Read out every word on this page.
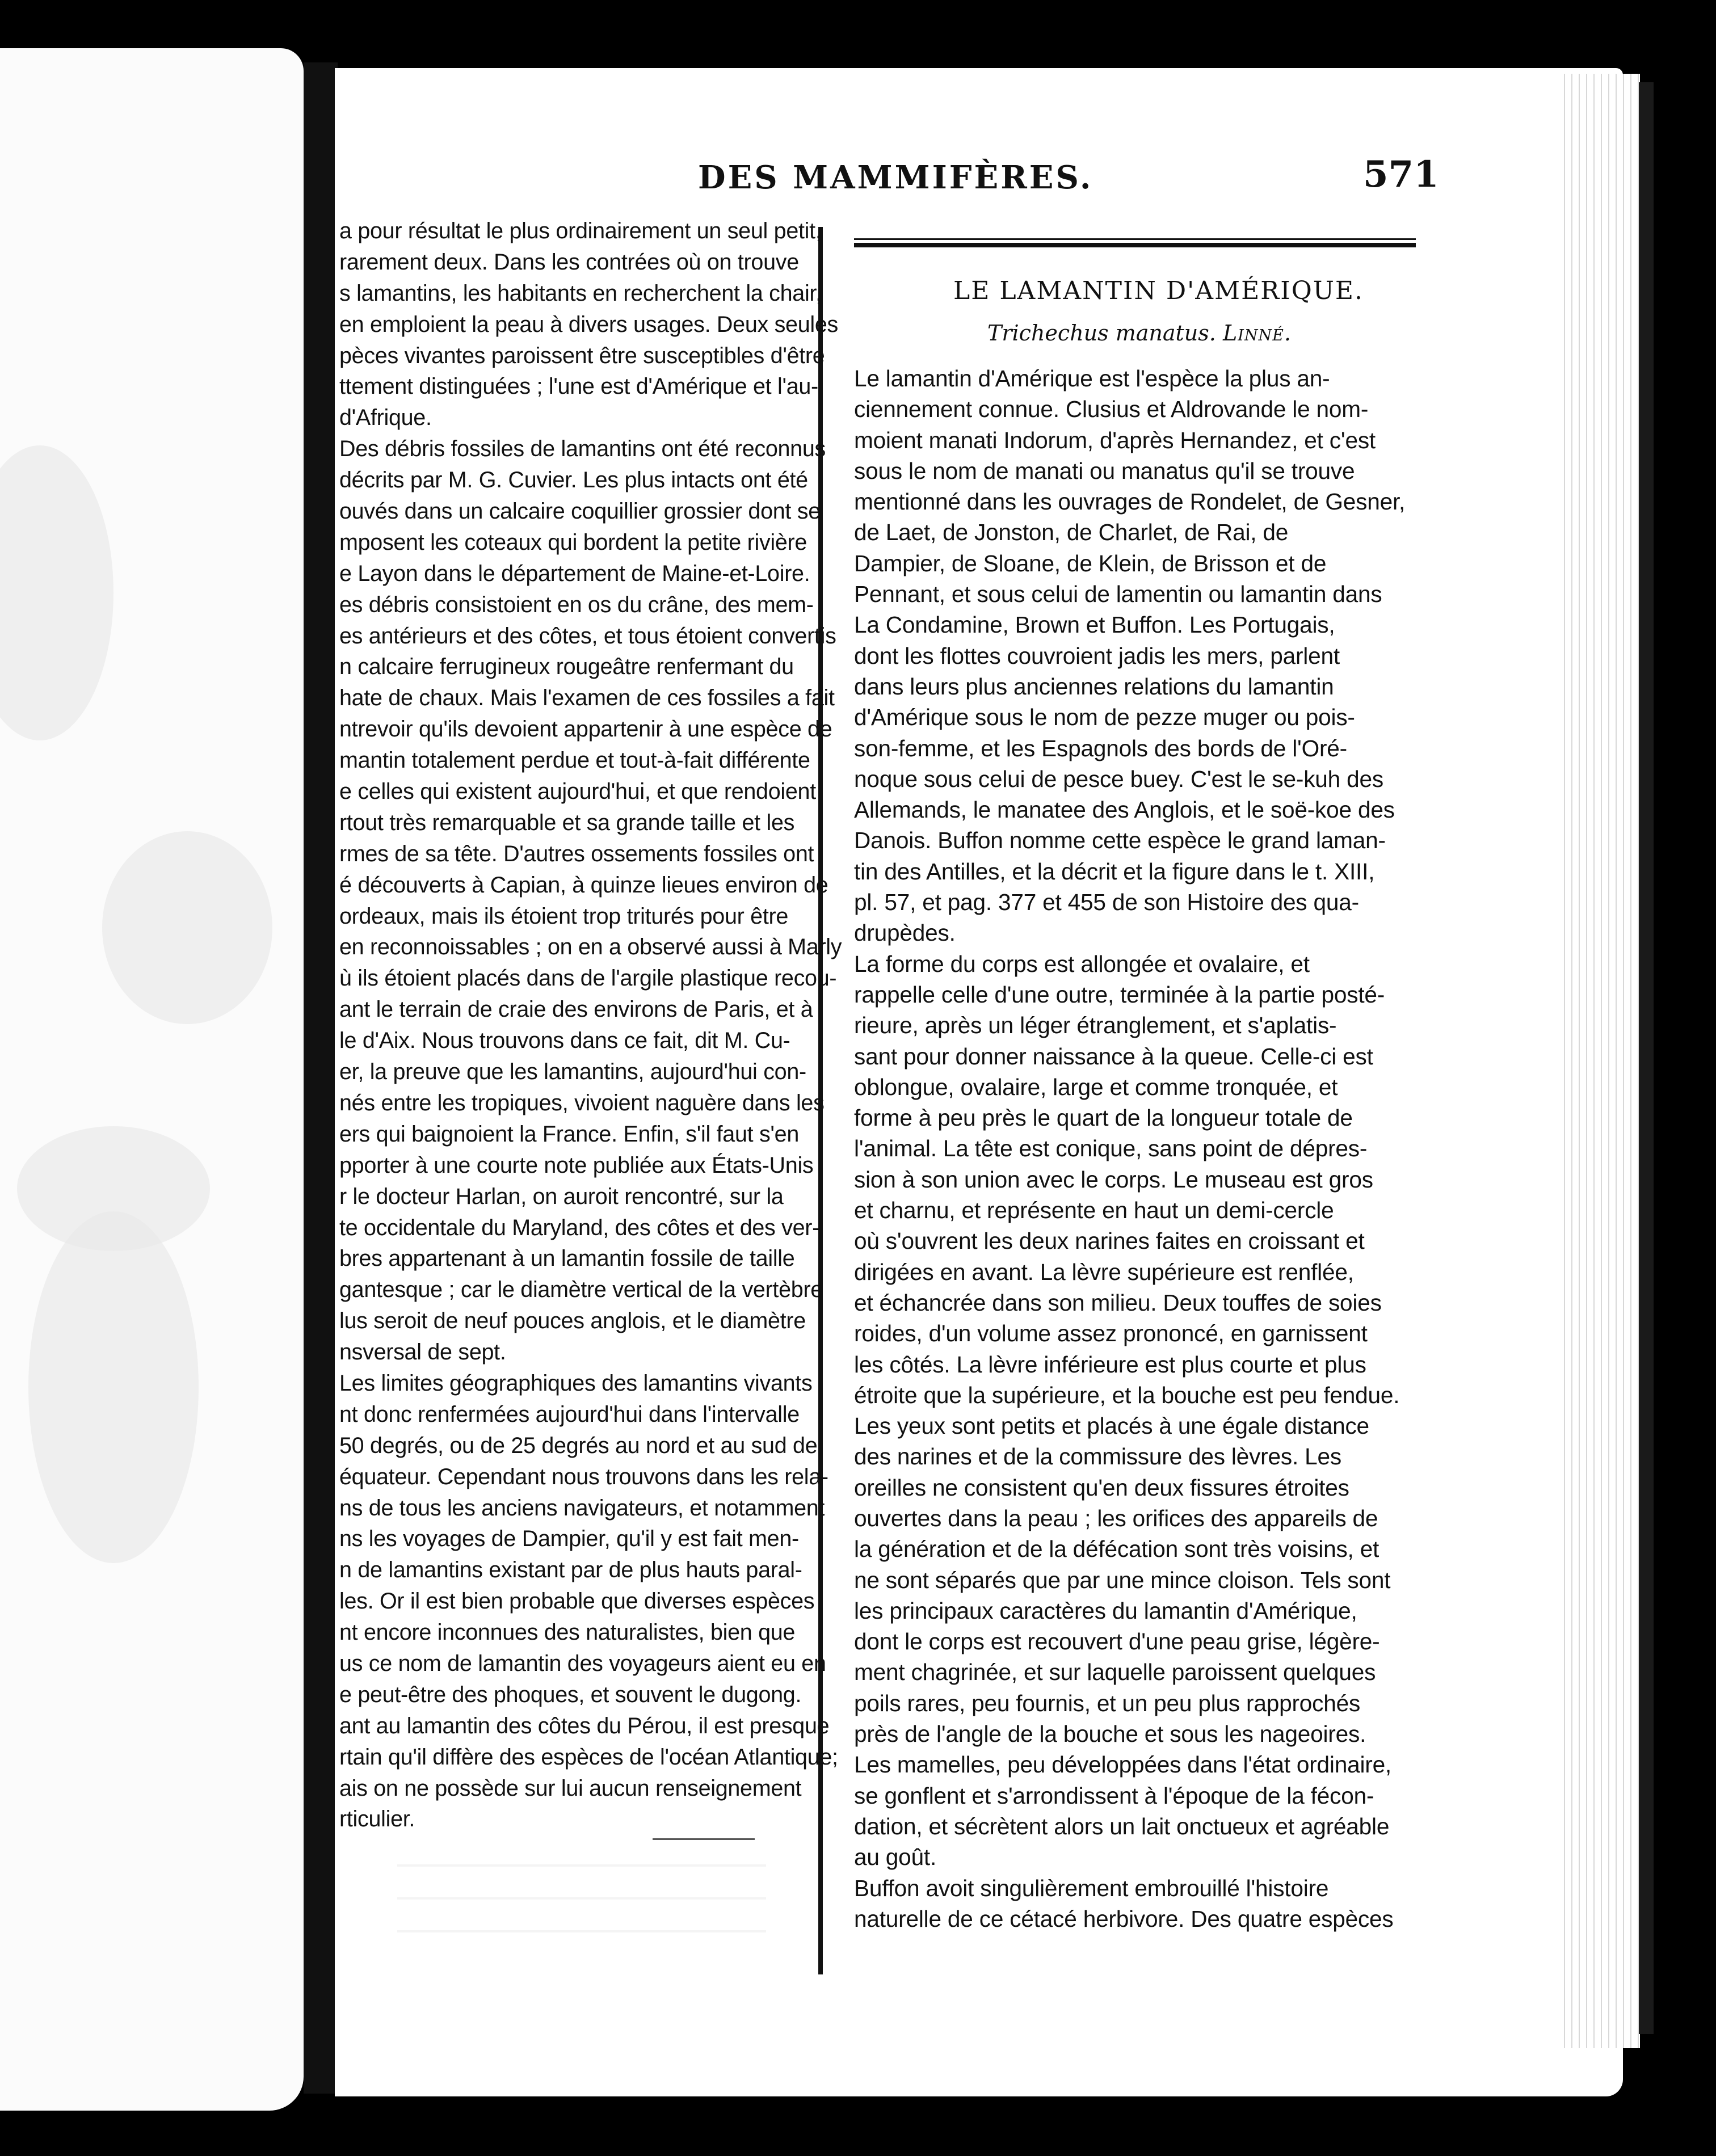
DES MAMMIFÈRES.	571
a pour résultat le plus ordinairement un seul petit,
rarement deux. Dans les contrées où on trouve
s lamantins, les habitants en recherchent la chair,
en emploient la peau à divers usages. Deux seules
pèces vivantes paroissent être susceptibles d'être
ttement distinguées ; l'une est d'Amérique et l'au-
d'Afrique.
Des débris fossiles de lamantins ont été reconnus
décrits par M. G. Cuvier. Les plus intacts ont été
ouvés dans un calcaire coquillier grossier dont se
mposent les coteaux qui bordent la petite rivière
e Layon dans le département de Maine-et-Loire.
es débris consistoient en os du crâne, des mem-
es antérieurs et des côtes, et tous étoient convertis
n calcaire ferrugineux rougeâtre renfermant du
hate de chaux. Mais l'examen de ces fossiles a fait
ntrevoir qu'ils devoient appartenir à une espèce de
mantin totalement perdue et tout-à-fait différente
e celles qui existent aujourd'hui, et que rendoient
rtout très remarquable et sa grande taille et les
rmes de sa tête. D'autres ossements fossiles ont
é découverts à Capian, à quinze lieues environ de
ordeaux, mais ils étoient trop triturés pour être
en reconnoissables ; on en a observé aussi à Marly
ù ils étoient placés dans de l'argile plastique recou-
ant le terrain de craie des environs de Paris, et à
le d'Aix. Nous trouvons dans ce fait, dit M. Cu-
er, la preuve que les lamantins, aujourd'hui con-
nés entre les tropiques, vivoient naguère dans les
ers qui baignoient la France. Enfin, s'il faut s'en
pporter à une courte note publiée aux États-Unis
r le docteur Harlan, on auroit rencontré, sur la
te occidentale du Maryland, des côtes et des ver-
bres appartenant à un lamantin fossile de taille
gantesque ; car le diamètre vertical de la vertèbre
lus seroit de neuf pouces anglois, et le diamètre
nsversal de sept.
Les limites géographiques des lamantins vivants
nt donc renfermées aujourd'hui dans l'intervalle
50 degrés, ou de 25 degrés au nord et au sud de
équateur. Cependant nous trouvons dans les rela-
ns de tous les anciens navigateurs, et notamment
ns les voyages de Dampier, qu'il y est fait men-
n de lamantins existant par de plus hauts paral-
les. Or il est bien probable que diverses espèces
nt encore inconnues des naturalistes, bien que
us ce nom de lamantin des voyageurs aient eu en
e peut-être des phoques, et souvent le dugong.
ant au lamantin des côtes du Pérou, il est presque
rtain qu'il diffère des espèces de l'océan Atlantique;
ais on ne possède sur lui aucun renseignement
rticulier.
LE LAMANTIN D'AMÉRIQUE.
Trichechus manatus. Linné.
Le lamantin d'Amérique est l'espèce la plus an-
ciennement connue. Clusius et Aldrovande le nom-
moient manati Indorum, d'après Hernandez, et c'est
sous le nom de manati ou manatus qu'il se trouve
mentionné dans les ouvrages de Rondelet, de Gesner,
de Laet, de Jonston, de Charlet, de Rai, de
Dampier, de Sloane, de Klein, de Brisson et de
Pennant, et sous celui de lamentin ou lamantin dans
La Condamine, Brown et Buffon. Les Portugais,
dont les flottes couvroient jadis les mers, parlent
dans leurs plus anciennes relations du lamantin
d'Amérique sous le nom de pezze muger ou pois-
son-femme, et les Espagnols des bords de l'Oré-
noque sous celui de pesce buey. C'est le se-kuh des
Allemands, le manatee des Anglois, et le soë-koe des
Danois. Buffon nomme cette espèce le grand laman-
tin des Antilles, et la décrit et la figure dans le t. XIII,
pl. 57, et pag. 377 et 455 de son Histoire des qua-
drupèdes.
La forme du corps est allongée et ovalaire, et
rappelle celle d'une outre, terminée à la partie posté-
rieure, après un léger étranglement, et s'aplatis-
sant pour donner naissance à la queue. Celle-ci est
oblongue, ovalaire, large et comme tronquée, et
forme à peu près le quart de la longueur totale de
l'animal. La tête est conique, sans point de dépres-
sion à son union avec le corps. Le museau est gros
et charnu, et représente en haut un demi-cercle
où s'ouvrent les deux narines faites en croissant et
dirigées en avant. La lèvre supérieure est renflée,
et échancrée dans son milieu. Deux touffes de soies
roides, d'un volume assez prononcé, en garnissent
les côtés. La lèvre inférieure est plus courte et plus
étroite que la supérieure, et la bouche est peu fendue.
Les yeux sont petits et placés à une égale distance
des narines et de la commissure des lèvres. Les
oreilles ne consistent qu'en deux fissures étroites
ouvertes dans la peau ; les orifices des appareils de
la génération et de la défécation sont très voisins, et
ne sont séparés que par une mince cloison. Tels sont
les principaux caractères du lamantin d'Amérique,
dont le corps est recouvert d'une peau grise, légère-
ment chagrinée, et sur laquelle paroissent quelques
poils rares, peu fournis, et un peu plus rapprochés
près de l'angle de la bouche et sous les nageoires.
Les mamelles, peu développées dans l'état ordinaire,
se gonflent et s'arrondissent à l'époque de la fécon-
dation, et sécrètent alors un lait onctueux et agréable
au goût.
Buffon avoit singulièrement embrouillé l'histoire
naturelle de ce cétacé herbivore. Des quatre espèces
